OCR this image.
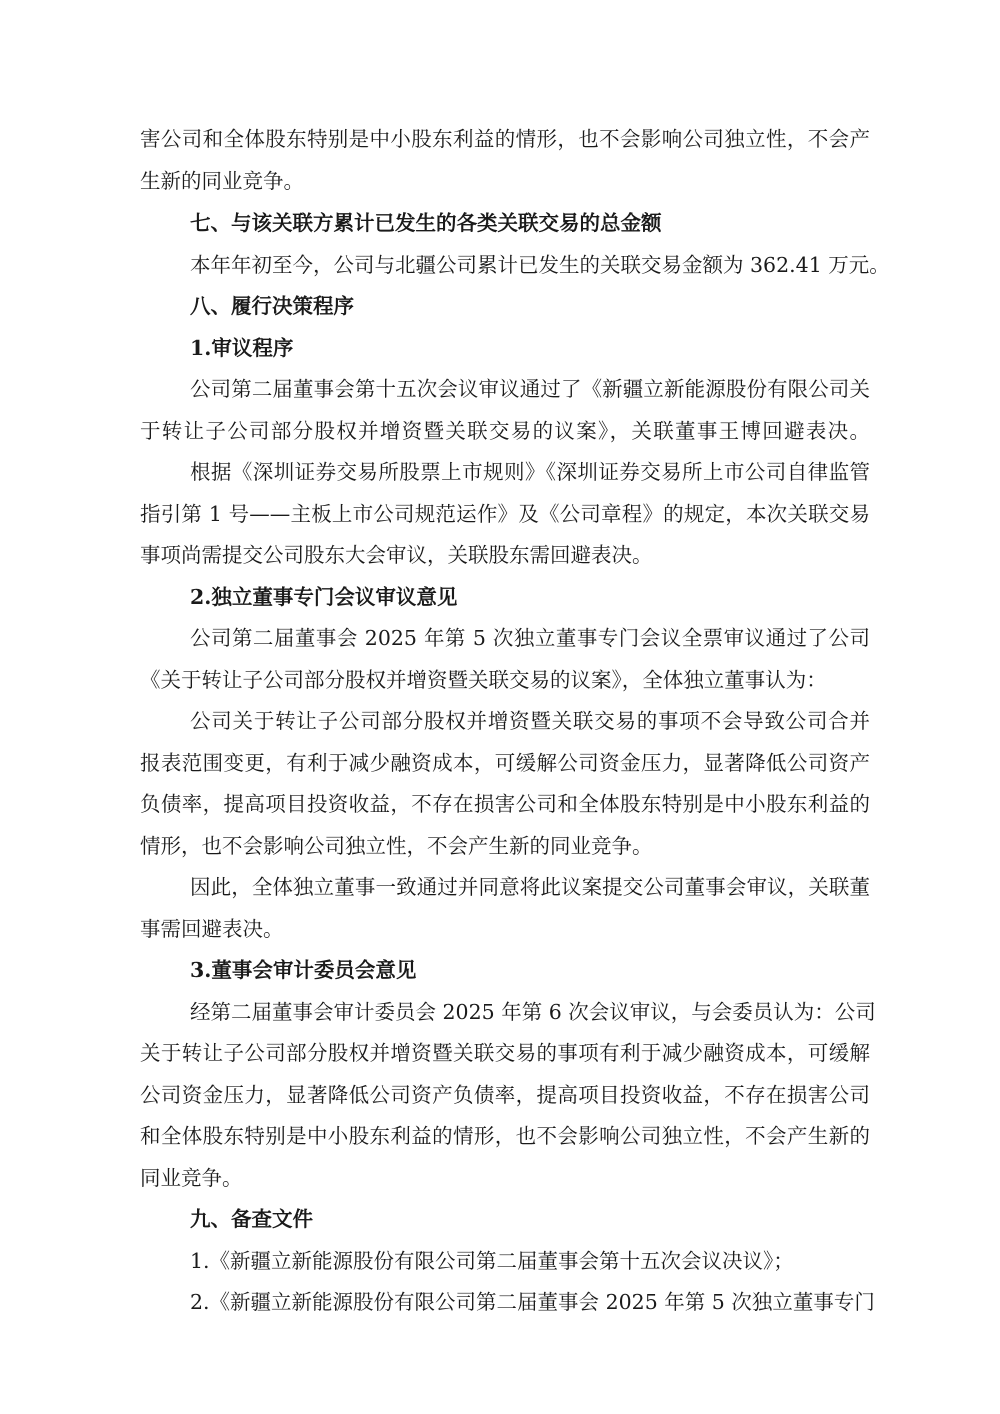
害公司和全体股东特别是中小股东利益的情形，也不会影响公司独立性，不会产
生新的同业竞争。
七、与该关联方累计已发生的各类关联交易的总金额
本年年初至今，公司与北疆公司累计已发生的关联交易金额为 362.41 万元。
八、履行决策程序
1.审议程序
公司第二届董事会第十五次会议审议通过了《新疆立新能源股份有限公司关
于转让子公司部分股权并增资暨关联交易的议案》，关联董事王博回避表决。
根据《深圳证券交易所股票上市规则》《深圳证券交易所上市公司自律监管
指引第 1 号——主板上市公司规范运作》及《公司章程》的规定，本次关联交易
事项尚需提交公司股东大会审议，关联股东需回避表决。
2.独立董事专门会议审议意见
公司第二届董事会 2025 年第 5 次独立董事专门会议全票审议通过了公司
《关于转让子公司部分股权并增资暨关联交易的议案》，全体独立董事认为：
公司关于转让子公司部分股权并增资暨关联交易的事项不会导致公司合并
报表范围变更，有利于减少融资成本，可缓解公司资金压力，显著降低公司资产
负债率，提高项目投资收益，不存在损害公司和全体股东特别是中小股东利益的
情形，也不会影响公司独立性，不会产生新的同业竞争。
因此，全体独立董事一致通过并同意将此议案提交公司董事会审议，关联董
事需回避表决。
3.董事会审计委员会意见
经第二届董事会审计委员会 2025 年第 6 次会议审议，与会委员认为：公司
关于转让子公司部分股权并增资暨关联交易的事项有利于减少融资成本，可缓解
公司资金压力，显著降低公司资产负债率，提高项目投资收益，不存在损害公司
和全体股东特别是中小股东利益的情形，也不会影响公司独立性，不会产生新的
同业竞争。
九、备查文件
1.《新疆立新能源股份有限公司第二届董事会第十五次会议决议》；
2.《新疆立新能源股份有限公司第二届董事会 2025 年第 5 次独立董事专门
